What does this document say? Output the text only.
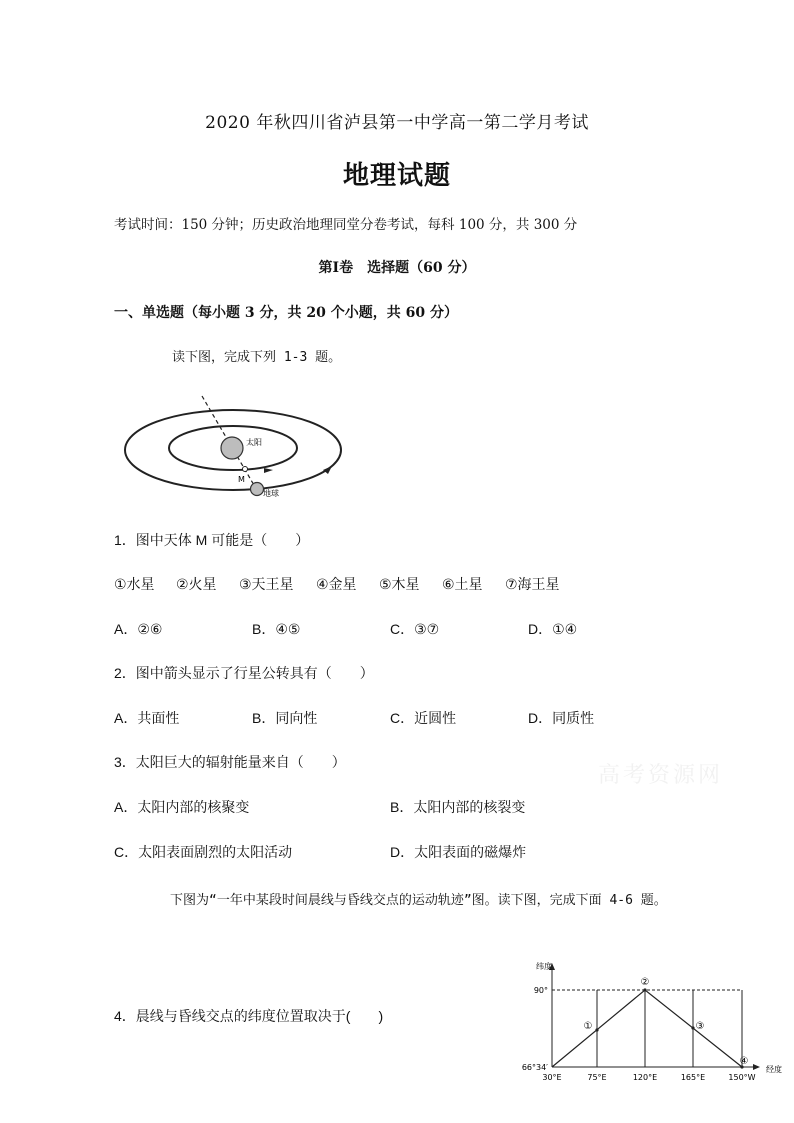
2020 年秋四川省泸县第一中学高一第二学月考试
地理试题
考试时间：150 分钟；历史政治地理同堂分卷考试，每科 100 分，共 300 分
第Ⅰ卷　选择题（60 分）
一、单选题（每小题 3 分，共 20 个小题，共 60 分）
读下图，完成下列 1-3 题。
太阳
M
地球
1．图中天体 M 可能是（　　）
①水星 ②火星 ③天王星 ④金星 ⑤木星 ⑥土星 ⑦海王星
A．②⑥	B．④⑤	C．③⑦	D．①④
2．图中箭头显示了行星公转具有（　　）
A．共面性	B．同向性	C．近圆性	D．同质性
3．太阳巨大的辐射能量来自（　　）
A．太阳内部的核聚变	B．太阳内部的核裂变
C．太阳表面剧烈的太阳活动	D．太阳表面的磁爆炸
高考资源网
下图为“一年中某段时间晨线与昏线交点的运动轨迹”图。读下图，完成下面 4-6 题。
4．晨线与昏线交点的纬度位置取决于(　　)
纬度
经度
90°
66°34′
①
②
③
④
30°E	75°E	120°E	165°E	150°W
